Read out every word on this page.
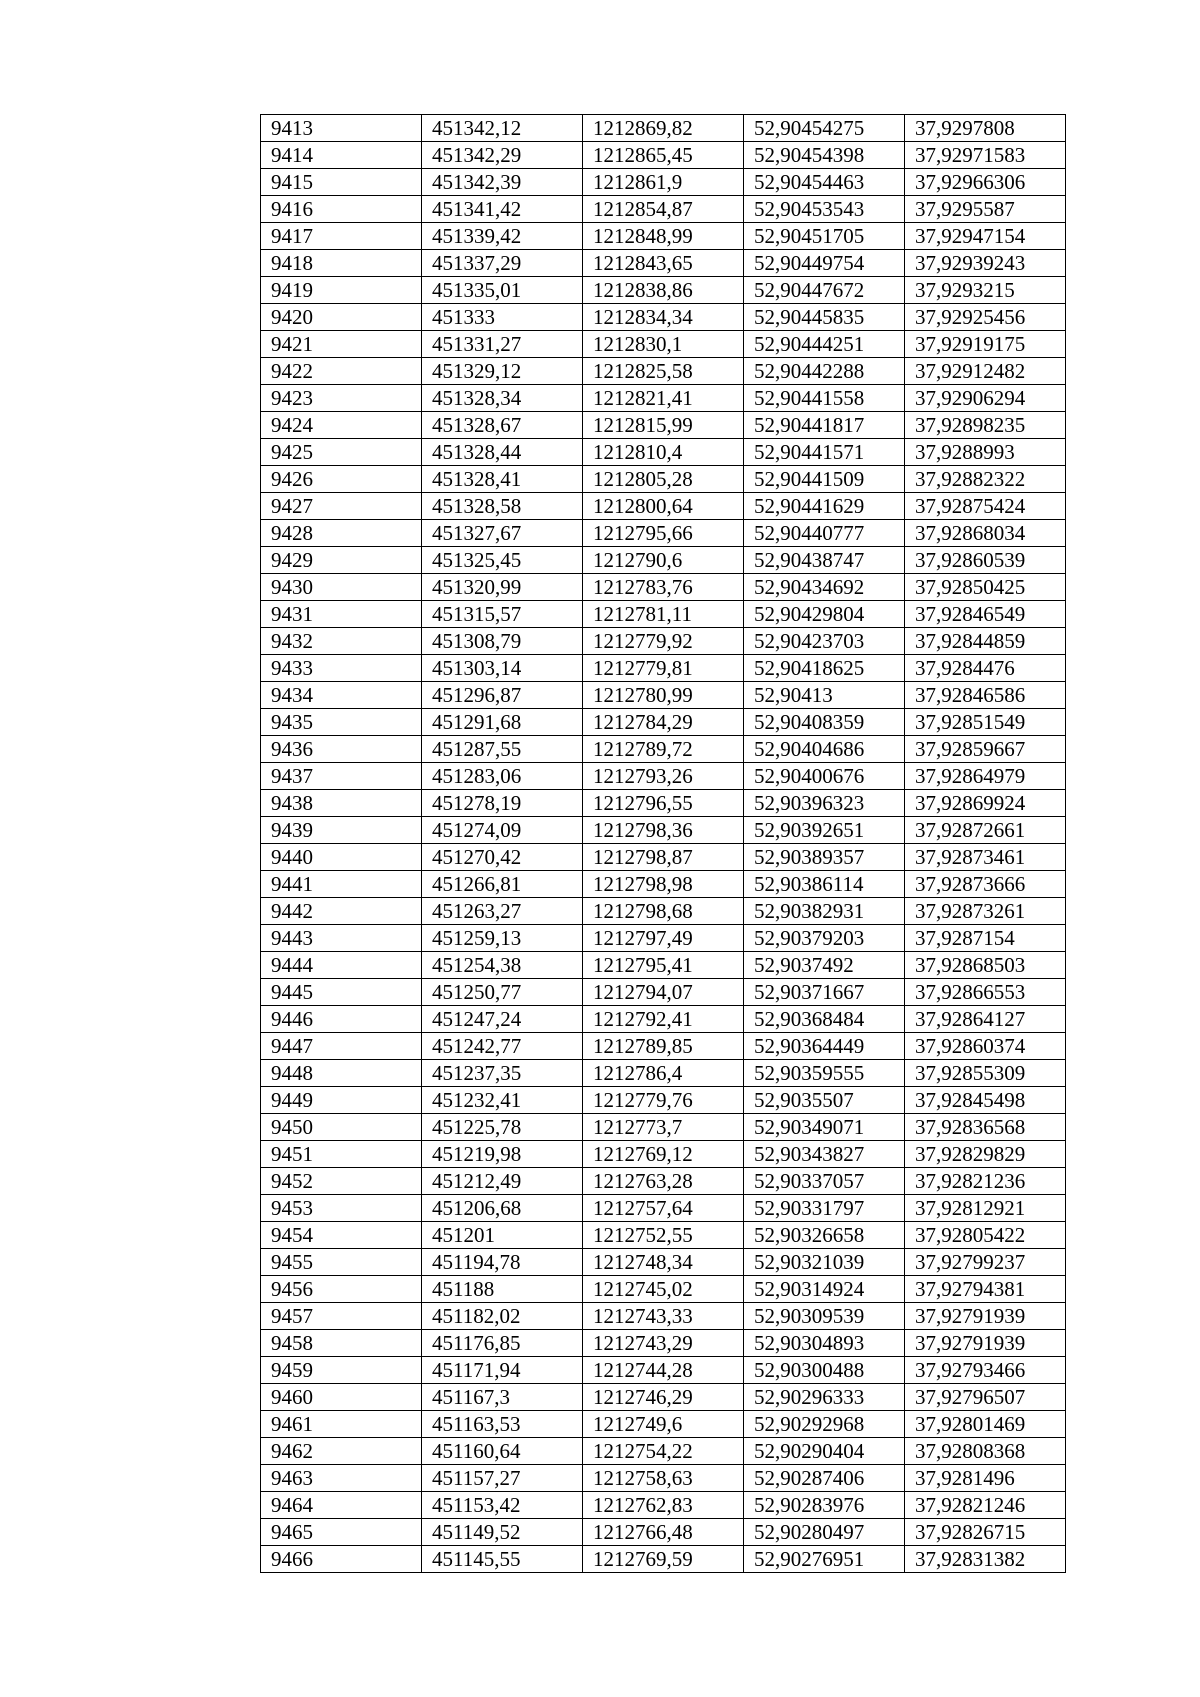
9413	451342,12	1212869,82	52,90454275	37,9297808
9414	451342,29	1212865,45	52,90454398	37,92971583
9415	451342,39	1212861,9	52,90454463	37,92966306
9416	451341,42	1212854,87	52,90453543	37,9295587
9417	451339,42	1212848,99	52,90451705	37,92947154
9418	451337,29	1212843,65	52,90449754	37,92939243
9419	451335,01	1212838,86	52,90447672	37,9293215
9420	451333	1212834,34	52,90445835	37,92925456
9421	451331,27	1212830,1	52,90444251	37,92919175
9422	451329,12	1212825,58	52,90442288	37,92912482
9423	451328,34	1212821,41	52,90441558	37,92906294
9424	451328,67	1212815,99	52,90441817	37,92898235
9425	451328,44	1212810,4	52,90441571	37,9288993
9426	451328,41	1212805,28	52,90441509	37,92882322
9427	451328,58	1212800,64	52,90441629	37,92875424
9428	451327,67	1212795,66	52,90440777	37,92868034
9429	451325,45	1212790,6	52,90438747	37,92860539
9430	451320,99	1212783,76	52,90434692	37,92850425
9431	451315,57	1212781,11	52,90429804	37,92846549
9432	451308,79	1212779,92	52,90423703	37,92844859
9433	451303,14	1212779,81	52,90418625	37,9284476
9434	451296,87	1212780,99	52,90413	37,92846586
9435	451291,68	1212784,29	52,90408359	37,92851549
9436	451287,55	1212789,72	52,90404686	37,92859667
9437	451283,06	1212793,26	52,90400676	37,92864979
9438	451278,19	1212796,55	52,90396323	37,92869924
9439	451274,09	1212798,36	52,90392651	37,92872661
9440	451270,42	1212798,87	52,90389357	37,92873461
9441	451266,81	1212798,98	52,90386114	37,92873666
9442	451263,27	1212798,68	52,90382931	37,92873261
9443	451259,13	1212797,49	52,90379203	37,9287154
9444	451254,38	1212795,41	52,9037492	37,92868503
9445	451250,77	1212794,07	52,90371667	37,92866553
9446	451247,24	1212792,41	52,90368484	37,92864127
9447	451242,77	1212789,85	52,90364449	37,92860374
9448	451237,35	1212786,4	52,90359555	37,92855309
9449	451232,41	1212779,76	52,9035507	37,92845498
9450	451225,78	1212773,7	52,90349071	37,92836568
9451	451219,98	1212769,12	52,90343827	37,92829829
9452	451212,49	1212763,28	52,90337057	37,92821236
9453	451206,68	1212757,64	52,90331797	37,92812921
9454	451201	1212752,55	52,90326658	37,92805422
9455	451194,78	1212748,34	52,90321039	37,92799237
9456	451188	1212745,02	52,90314924	37,92794381
9457	451182,02	1212743,33	52,90309539	37,92791939
9458	451176,85	1212743,29	52,90304893	37,92791939
9459	451171,94	1212744,28	52,90300488	37,92793466
9460	451167,3	1212746,29	52,90296333	37,92796507
9461	451163,53	1212749,6	52,90292968	37,92801469
9462	451160,64	1212754,22	52,90290404	37,92808368
9463	451157,27	1212758,63	52,90287406	37,9281496
9464	451153,42	1212762,83	52,90283976	37,92821246
9465	451149,52	1212766,48	52,90280497	37,92826715
9466	451145,55	1212769,59	52,90276951	37,92831382
